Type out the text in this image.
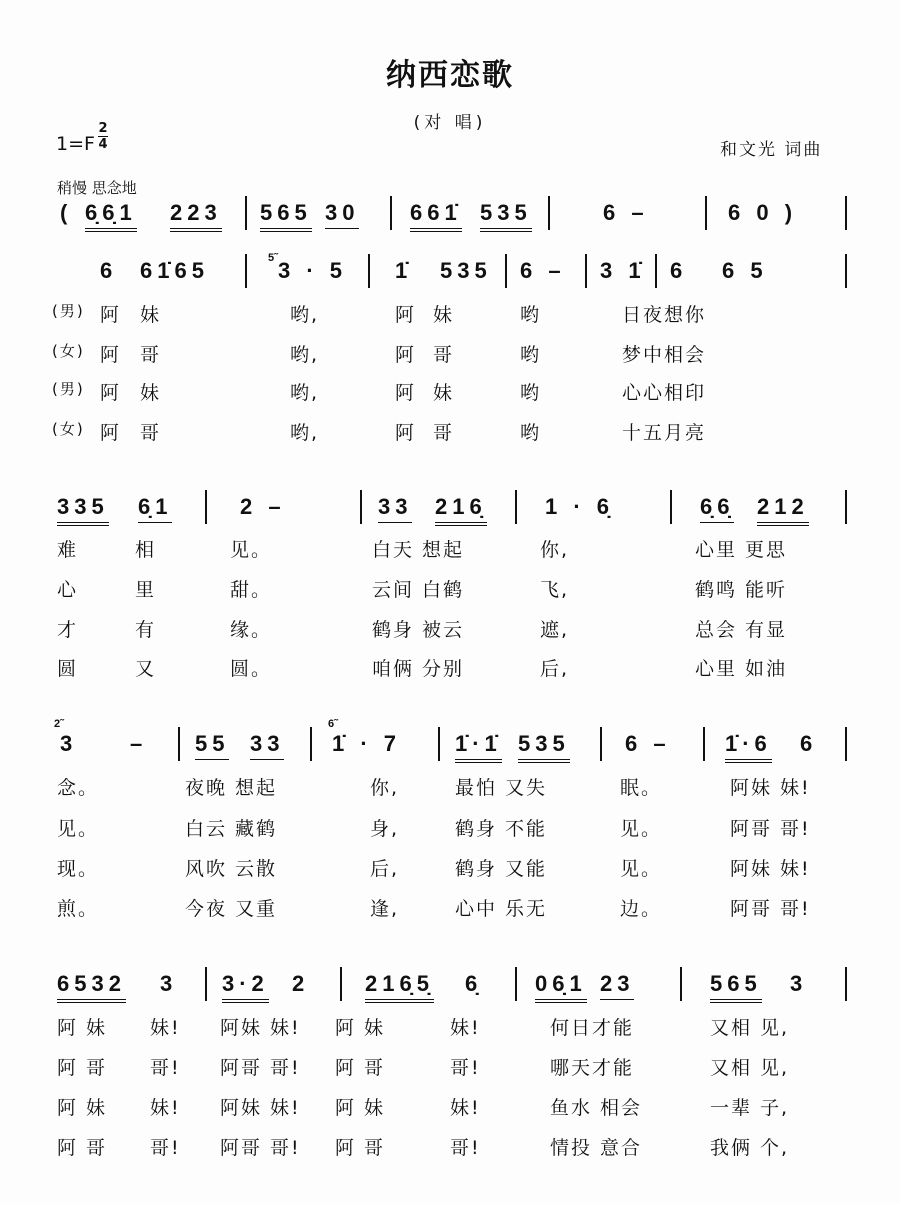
纳西恋歌
(对 唱)
1=F
2
4	和文光 词曲
稍慢 思念地
( 6̣6̣1 223 565 30 661̇ 535	6 –	6 0 )
6 61̇65	3 · 5 1̇ 535 6 – 3 1̇ 6 6 5
5˜
335 6̣1	2 –	33 216̣	1 · 6̣	6̣6̣ 212
3 – 55 33 1̇ · 7 1̇·1̇ 535	6 – 1̇·6 6
2˜	6˜
6532 3 3·2 2	216̣5̣ 6̣ 06̣1 23	565 3
(男) 阿 妹	哟,	阿 妹	哟	日夜想你
(女) 阿 哥	哟,	阿 哥	哟	梦中相会
(男) 阿 妹	哟,	阿 妹	哟	心心相印
(女) 阿 哥	哟,	阿 哥	哟	十五月亮
难	相	见。	白天 想起	你,	心里 更思
心	里	甜。	云间 白鹤	飞,	鹤鸣 能听
才	有	缘。	鹤身 被云	遮,	总会 有显
圆	又	圆。	咱俩 分别	后,	心里 如油
念。	夜晚 想起	你,	最怕 又失	眠。	阿妹 妹!
见。	白云 藏鹤	身,	鹤身 不能	见。	阿哥 哥!
现。	风吹 云散	后,	鹤身 又能	见。	阿妹 妹!
煎。	今夜 又重	逢,	心中 乐无	边。	阿哥 哥!
阿 妹 妹! 阿妹 妹! 阿 妹	妹!	何日才能	又相 见,
阿 哥 哥! 阿哥 哥! 阿 哥	哥!	哪天才能	又相 见,
阿 妹 妹! 阿妹 妹! 阿 妹	妹!	鱼水 相会	一辈 子,
阿 哥 哥! 阿哥 哥! 阿 哥	哥!	情投 意合	我俩 个,
